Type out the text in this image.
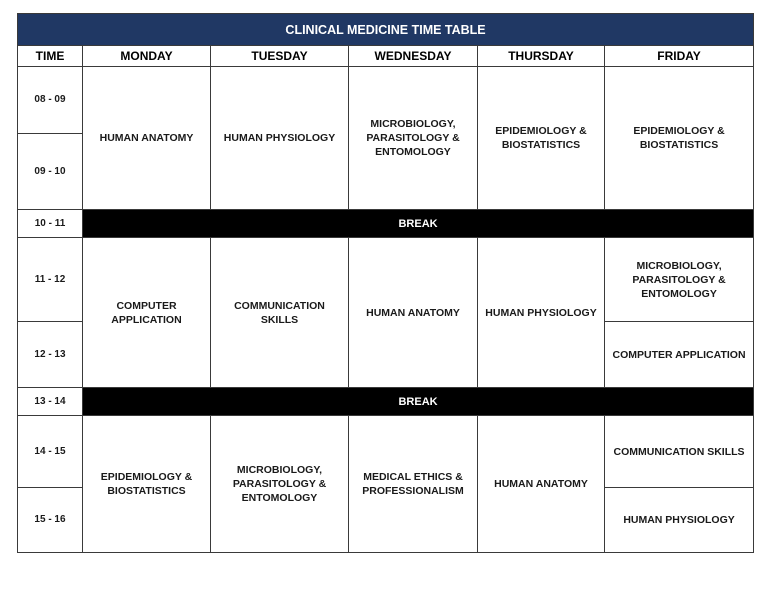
CLINICAL MEDICINE TIME TABLE					
TIME	MONDAY	TUESDAY	WEDNESDAY	THURSDAY	FRIDAY
08 - 09	HUMAN ANATOMY	HUMAN PHYSIOLOGY	MICROBIOLOGY, PARASITOLOGY & ENTOMOLOGY	EPIDEMIOLOGY & BIOSTATISTICS	EPIDEMIOLOGY & BIOSTATISTICS
09 - 10					
10 - 11	BREAK				
11 - 12	COMPUTER APPLICATION	COMMUNICATION SKILLS	HUMAN ANATOMY	HUMAN PHYSIOLOGY	MICROBIOLOGY, PARASITOLOGY & ENTOMOLOGY
12 - 13					COMPUTER APPLICATION
13 - 14	BREAK				
14 - 15	EPIDEMIOLOGY & BIOSTATISTICS	MICROBIOLOGY, PARASITOLOGY & ENTOMOLOGY	MEDICAL ETHICS & PROFESSIONALISM	HUMAN ANATOMY	COMMUNICATION SKILLS
15 - 16					HUMAN PHYSIOLOGY
